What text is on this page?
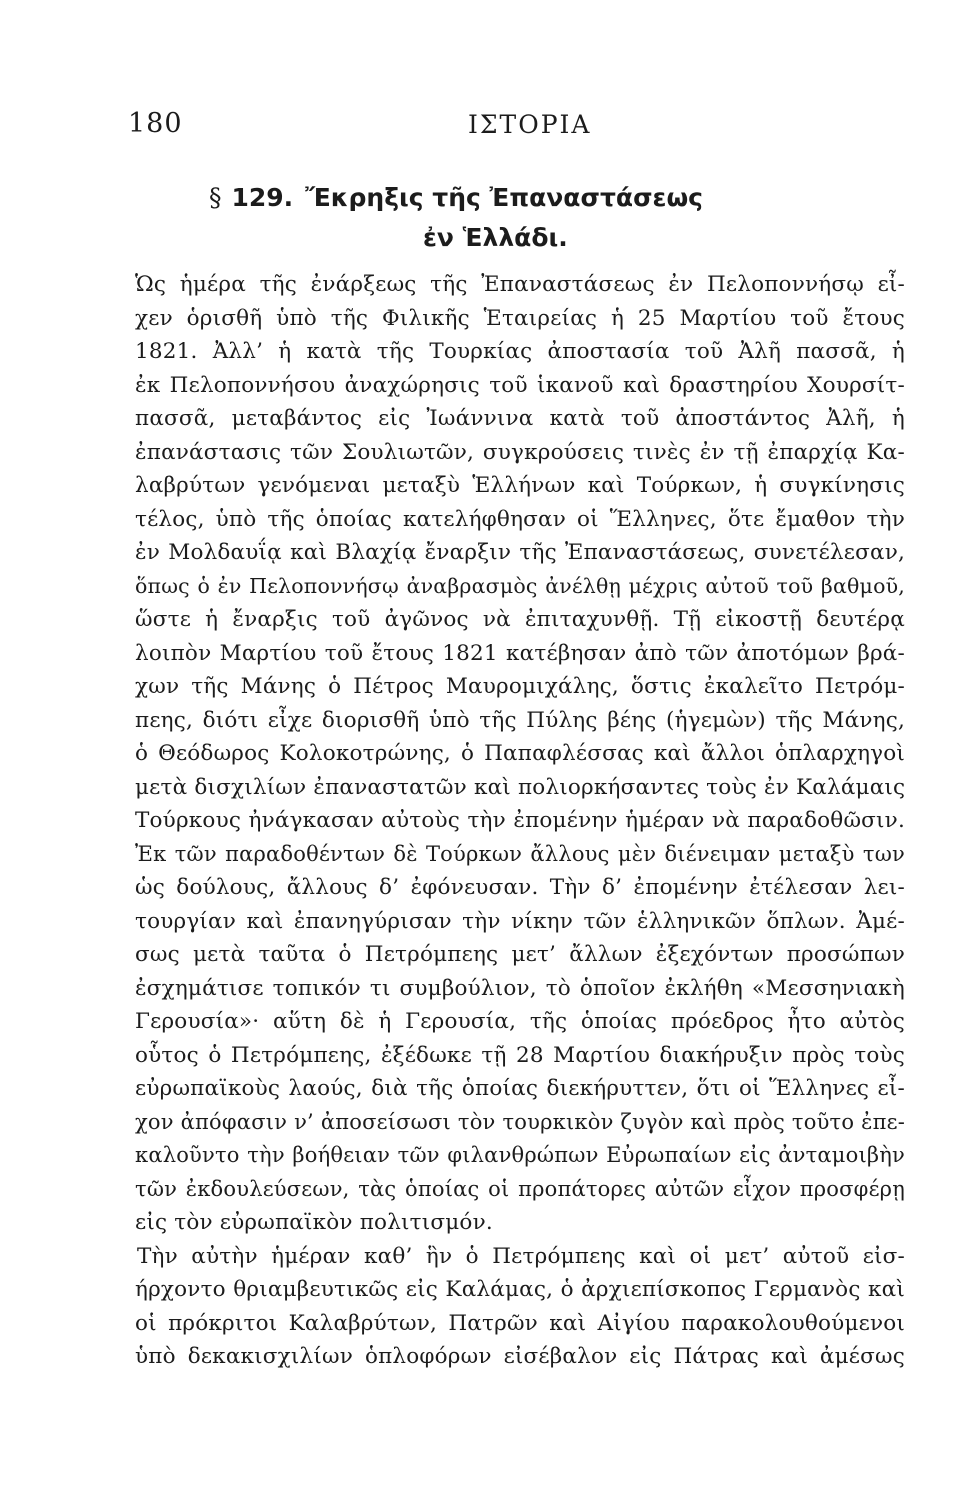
180	ΙΣΤΟΡΙΑ
§ 129. Ἔκρηξις τῆς Ἐπαναστάσεως
ἐν Ἑλλάδι.
Ὡς ἡμέρα τῆς ἐνάρξεως τῆς Ἐπαναστάσεως ἐν Πελοποννήσῳ εἶ-
χεν ὁρισθῆ ὑπὸ τῆς Φιλικῆς Ἑταιρείας ἡ 25 Μαρτίου τοῦ ἔτους
1821. Ἀλλ’ ἡ κατὰ τῆς Τουρκίας ἀποστασία τοῦ Ἀλῆ πασσᾶ, ἡ
ἐκ Πελοποννήσου ἀναχώρησις τοῦ ἱκανοῦ καὶ δραστηρίου Χουρσίτ-
πασσᾶ, μεταβάντος εἰς Ἰωάννινα κατὰ τοῦ ἀποστάντος Ἀλῆ, ἡ
ἐπανάστασις τῶν Σουλιωτῶν, συγκρούσεις τινὲς ἐν τῇ ἐπαρχίᾳ Κα-
λαβρύτων γενόμεναι μεταξὺ Ἑλλήνων καὶ Τούρκων, ἡ συγκίνησις
τέλος, ὑπὸ τῆς ὁποίας κατελήφθησαν οἱ Ἕλληνες, ὅτε ἔμαθον τὴν
ἐν Μολδαυΐᾳ καὶ Βλαχίᾳ ἔναρξιν τῆς Ἐπαναστάσεως, συνετέλεσαν,
ὅπως ὁ ἐν Πελοποννήσῳ ἀναβρασμὸς ἀνέλθῃ μέχρις αὐτοῦ τοῦ βαθμοῦ,
ὥστε ἡ ἔναρξις τοῦ ἀγῶνος νὰ ἐπιταχυνθῇ. Τῇ εἰκοστῇ δευτέρᾳ
λοιπὸν Μαρτίου τοῦ ἔτους 1821 κατέβησαν ἀπὸ τῶν ἀποτόμων βρά-
χων τῆς Μάνης ὁ Πέτρος Μαυρομιχάλης, ὅστις ἐκαλεῖτο Πετρόμ-
πεης, διότι εἶχε διορισθῆ ὑπὸ τῆς Πύλης βέης (ἡγεμὼν) τῆς Μάνης,
ὁ Θεόδωρος Κολοκοτρώνης, ὁ Παπαφλέσσας καὶ ἄλλοι ὁπλαρχηγοὶ
μετὰ δισχιλίων ἐπαναστατῶν καὶ πολιορκήσαντες τοὺς ἐν Καλάμαις
Τούρκους ἠνάγκασαν αὐτοὺς τὴν ἐπομένην ἡμέραν νὰ παραδοθῶσιν.
Ἐκ τῶν παραδοθέντων δὲ Τούρκων ἄλλους μὲν διένειμαν μεταξὺ των
ὡς δούλους, ἄλλους δ’ ἐφόνευσαν. Τὴν δ’ ἐπομένην ἐτέλεσαν λει-
τουργίαν καὶ ἐπανηγύρισαν τὴν νίκην τῶν ἑλληνικῶν ὅπλων. Ἀμέ-
σως μετὰ ταῦτα ὁ Πετρόμπεης μετ’ ἄλλων ἐξεχόντων προσώπων
ἐσχημάτισε τοπικόν τι συμβούλιον, τὸ ὁποῖον ἐκλήθη «Μεσσηνιακὴ
Γερουσία»· αὕτη δὲ ἡ Γερουσία, τῆς ὁποίας πρόεδρος ἦτο αὐτὸς
οὗτος ὁ Πετρόμπεης, ἐξέδωκε τῇ 28 Μαρτίου διακήρυξιν πρὸς τοὺς
εὐρωπαϊκοὺς λαούς, διὰ τῆς ὁποίας διεκήρυττεν, ὅτι οἱ Ἕλληνες εἶ-
χον ἀπόφασιν ν’ ἀποσείσωσι τὸν τουρκικὸν ζυγὸν καὶ πρὸς τοῦτο ἐπε-
καλοῦντο τὴν βοήθειαν τῶν φιλανθρώπων Εὐρωπαίων εἰς ἀνταμοιβὴν
τῶν ἐκδουλεύσεων, τὰς ὁποίας οἱ προπάτορες αὐτῶν εἶχον προσφέρῃ
εἰς τὸν εὐρωπαϊκὸν πολιτισμόν.
Τὴν αὐτὴν ἡμέραν καθ’ ἣν ὁ Πετρόμπεης καὶ οἱ μετ’ αὐτοῦ εἰσ-
ήρχοντο θριαμβευτικῶς εἰς Καλάμας, ὁ ἀρχιεπίσκοπος Γερμανὸς καὶ
οἱ πρόκριτοι Καλαβρύτων, Πατρῶν καὶ Αἰγίου παρακολουθούμενοι
ὑπὸ δεκακισχιλίων ὁπλοφόρων εἰσέβαλον εἰς Πάτρας καὶ ἀμέσως
